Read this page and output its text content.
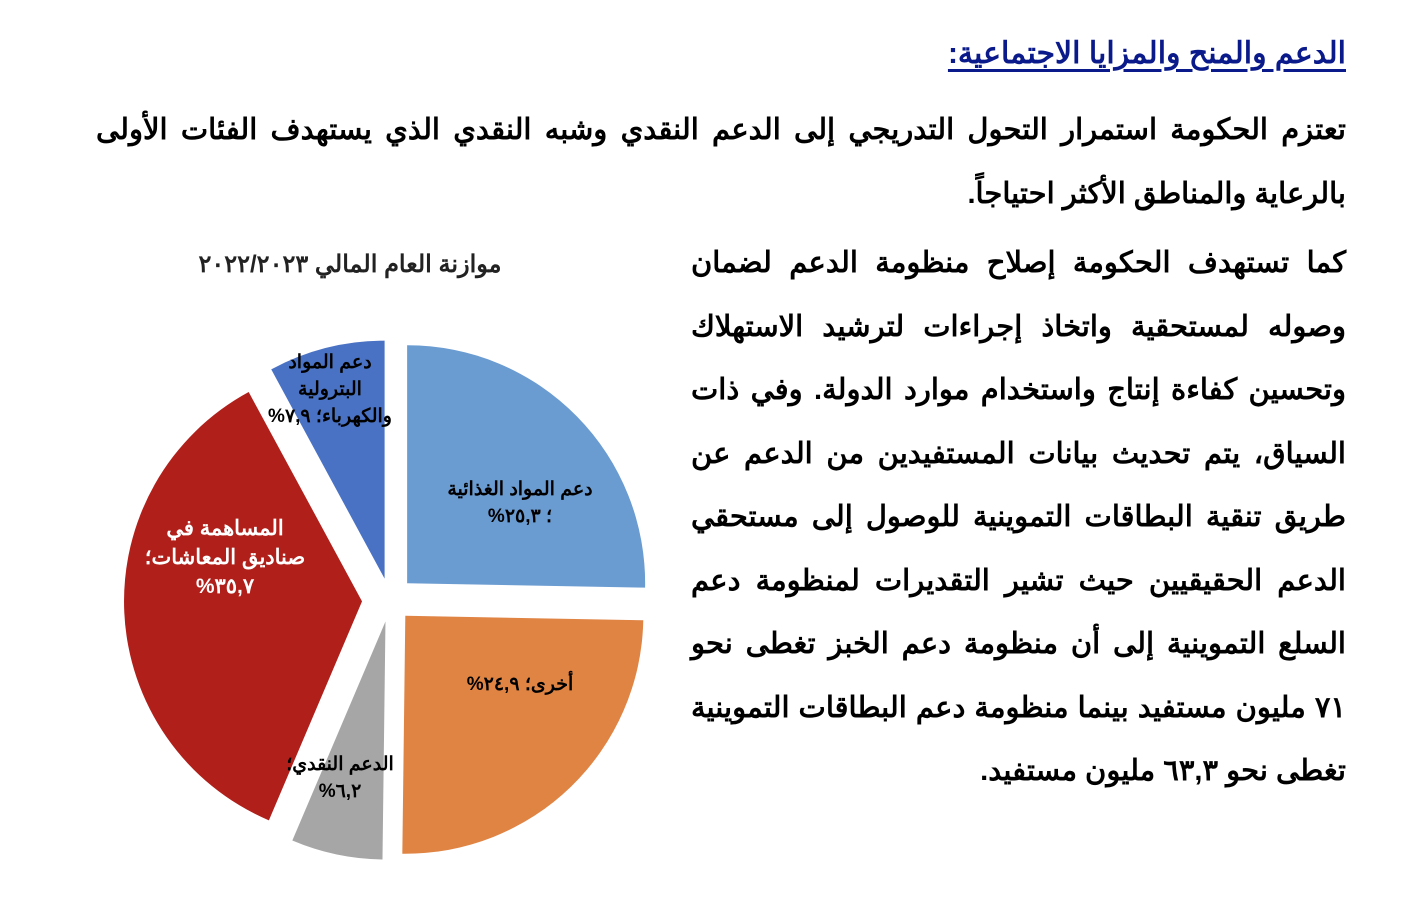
الدعم والمنح والمزايا الاجتماعية:
تعتزم الحكومة استمرار التحول التدريجي إلى الدعم النقدي وشبه النقدي الذي يستهدف الفئات الأولى بالرعاية والمناطق الأكثر احتياجاً.
كما تستهدف الحكومة إصلاح منظومة الدعم لضمان وصوله لمستحقية واتخاذ إجراءات لترشيد الاستهلاك وتحسين كفاءة إنتاج واستخدام موارد الدولة. وفي ذات السياق، يتم تحديث بيانات المستفيدين من الدعم عن طريق تنقية البطاقات التموينية للوصول إلى مستحقي الدعم الحقيقيين حيث تشير التقديرات لمنظومة دعم السلع التموينية إلى أن منظومة دعم الخبز تغطى نحو ٧١ مليون مستفيد بينما منظومة دعم البطاقات التموينية تغطى نحو ٦٣,٣ مليون مستفيد.
موازنة العام المالي ٢٠٢٢/٢٠٢٣
دعم المواد الغذائية ؛ ٢٥,٣%
أخرى؛ ٢٤,٩%
الدعم النقدي؛ ٦,٢%
المساهمة في صناديق المعاشات؛ ٣٥,٧%
دعم المواد البترولية والكهرباء؛ ٧,٩%
